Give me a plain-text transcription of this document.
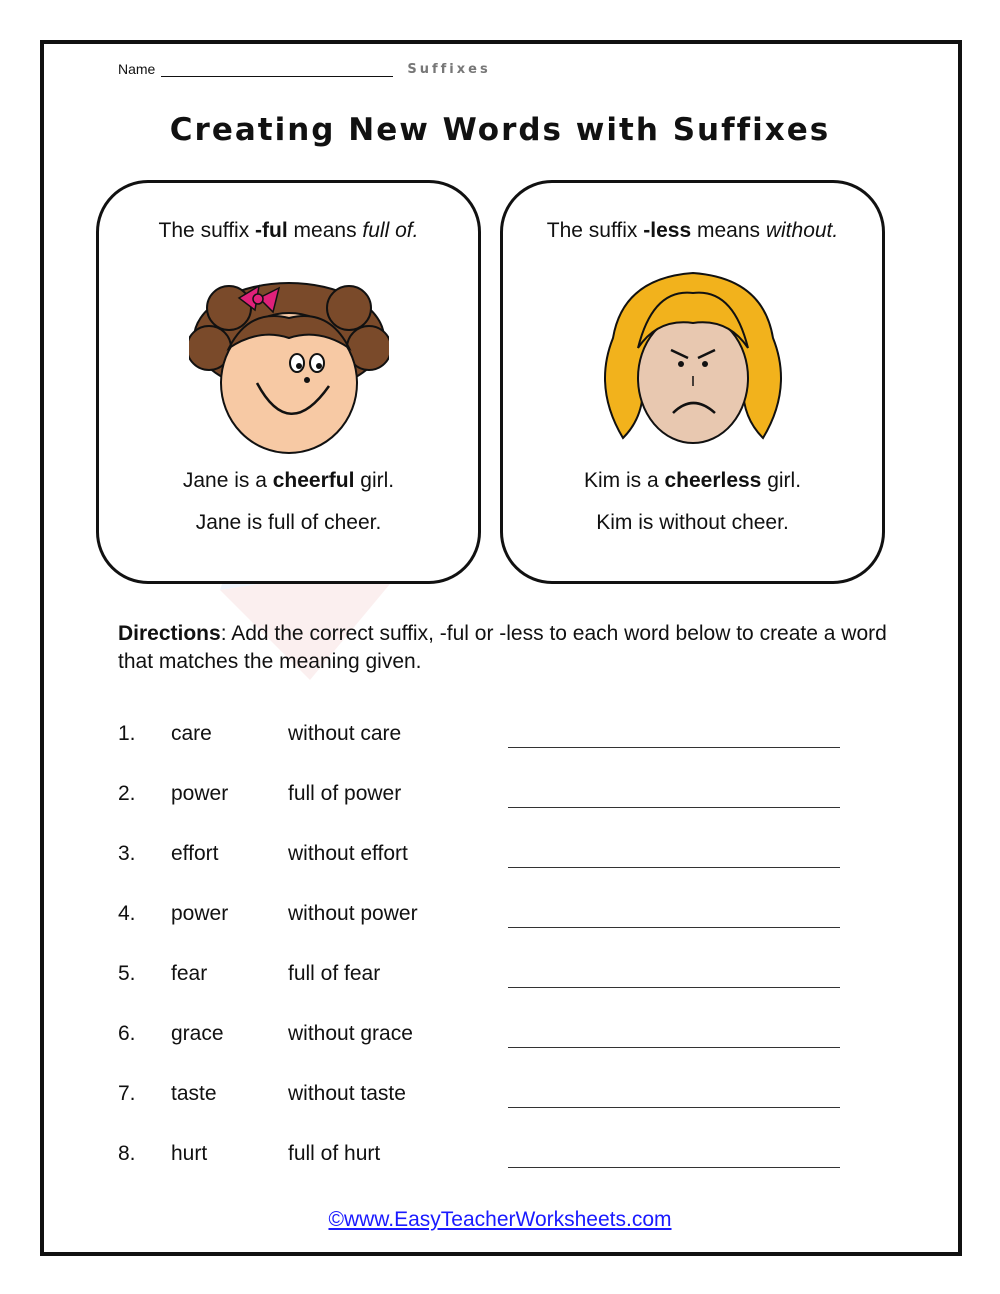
Name	Suffixes
Creating New Words with Suffixes
The suffix -ful means full of.
Jane is a cheerful girl.
Jane is full of cheer.
The suffix -less means without.
Kim is a cheerless girl.
Kim is without cheer.
Directions: Add the correct suffix, -ful or -less to each word below to create a word that matches the meaning given.
1. care	without care
2. power	full of power
3. effort	without effort
4. power	without power
5. fear	full of fear
6. grace	without grace
7. taste	without taste
8. hurt	full of hurt
©www.EasyTeacherWorksheets.com
